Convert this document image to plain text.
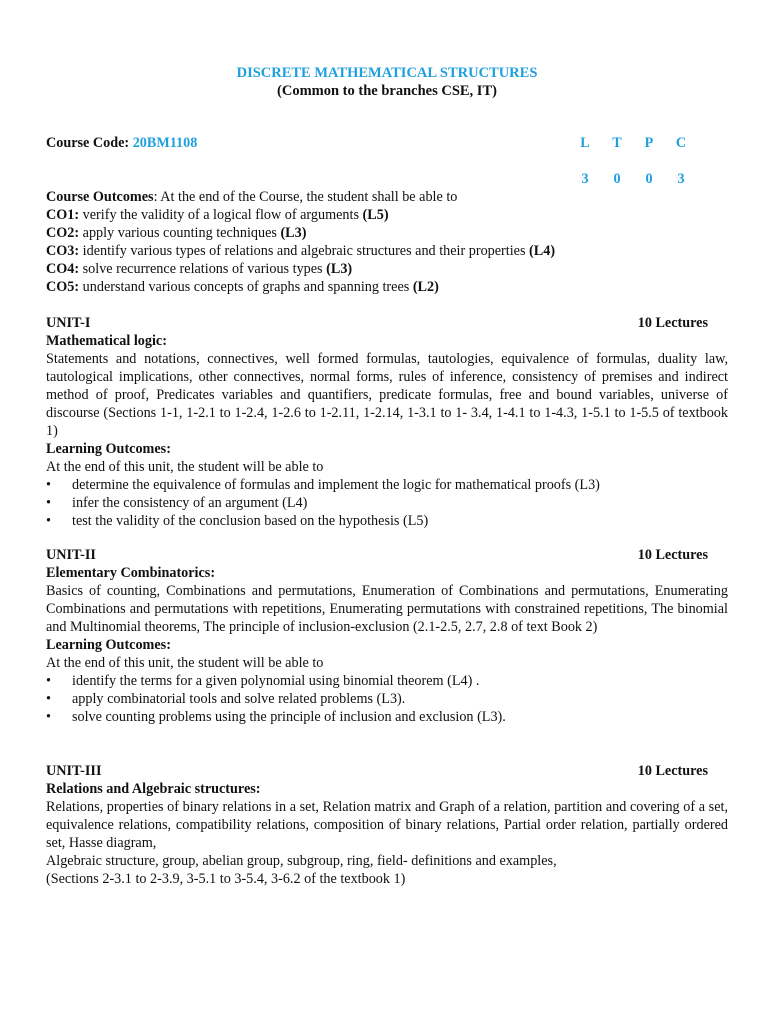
DISCRETE MATHEMATICAL STRUCTURES
(Common to the branches CSE, IT)
Course Code: 20BM1108	L T P C
3 0 0 3
Course Outcomes: At the end of the Course, the student shall be able to
CO1: verify the validity of a logical flow of arguments (L5)
CO2: apply various counting techniques (L3)
CO3: identify various types of relations and algebraic structures and their properties (L4)
CO4: solve recurrence relations of various types (L3)
CO5: understand various concepts of graphs and spanning trees (L2)
UNIT-I	10 Lectures
Mathematical logic:
Statements and notations, connectives, well formed formulas, tautologies, equivalence of formulas, duality law, tautological implications, other connectives, normal forms, rules of inference, consistency of premises and indirect method of proof, Predicates variables and quantifiers, predicate formulas, free and bound variables, universe of discourse (Sections 1-1, 1-2.1 to 1-2.4, 1-2.6 to 1-2.11, 1-2.14, 1-3.1 to 1- 3.4, 1-4.1 to 1-4.3, 1-5.1 to 1-5.5 of textbook 1)
Learning Outcomes:
At the end of this unit, the student will be able to
• determine the equivalence of formulas and implement the logic for mathematical proofs (L3)
• infer the consistency of an argument (L4)
• test the validity of the conclusion based on the hypothesis (L5)
UNIT-II	10 Lectures
Elementary Combinatorics:
Basics of counting, Combinations and permutations, Enumeration of Combinations and permutations, Enumerating Combinations and permutations with repetitions, Enumerating permutations with constrained repetitions, The binomial and Multinomial theorems, The principle of inclusion-exclusion (2.1-2.5, 2.7, 2.8 of text Book 2)
Learning Outcomes:
At the end of this unit, the student will be able to
• identify the terms for a given polynomial using binomial theorem (L4) .
• apply combinatorial tools and solve related problems (L3).
• solve counting problems using the principle of inclusion and exclusion (L3).
UNIT-III	10 Lectures
Relations and Algebraic structures:
Relations, properties of binary relations in a set, Relation matrix and Graph of a relation, partition and covering of a set, equivalence relations, compatibility relations, composition of binary relations, Partial order relation, partially ordered set, Hasse diagram,
Algebraic structure, group, abelian group, subgroup, ring, field- definitions and examples,
(Sections 2-3.1 to 2-3.9, 3-5.1 to 3-5.4, 3-6.2 of the textbook 1)
